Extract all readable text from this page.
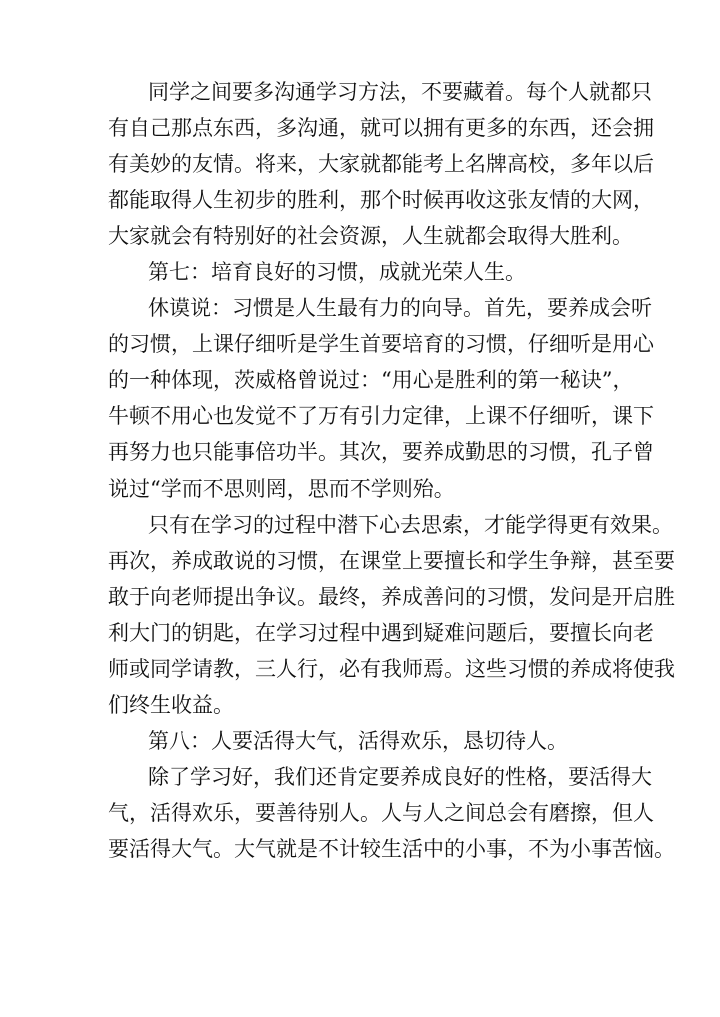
同学之间要多沟通学习方法，不要藏着。每个人就都只
有自己那点东西，多沟通，就可以拥有更多的东西，还会拥
有美妙的友情。将来，大家就都能考上名牌高校，多年以后
都能取得人生初步的胜利，那个时候再收这张友情的大网，
大家就会有特别好的社会资源，人生就都会取得大胜利。
第七：培育良好的习惯，成就光荣人生。
休谟说：习惯是人生最有力的向导。首先，要养成会听
的习惯，上课仔细听是学生首要培育的习惯，仔细听是用心
的一种体现，茨威格曾说过：“用心是胜利的第一秘诀”，
牛顿不用心也发觉不了万有引力定律，上课不仔细听，课下
再努力也只能事倍功半。其次，要养成勤思的习惯，孔子曾
说过“学而不思则罔，思而不学则殆。
只有在学习的过程中潜下心去思索，才能学得更有效果。
再次，养成敢说的习惯，在课堂上要擅长和学生争辩，甚至要
敢于向老师提出争议。最终，养成善问的习惯，发问是开启胜
利大门的钥匙，在学习过程中遇到疑难问题后，要擅长向老
师或同学请教，三人行，必有我师焉。这些习惯的养成将使我
们终生收益。
第八：人要活得大气，活得欢乐，恳切待人。
除了学习好，我们还肯定要养成良好的性格，要活得大
气，活得欢乐，要善待别人。人与人之间总会有磨擦，但人
要活得大气。大气就是不计较生活中的小事，不为小事苦恼。
